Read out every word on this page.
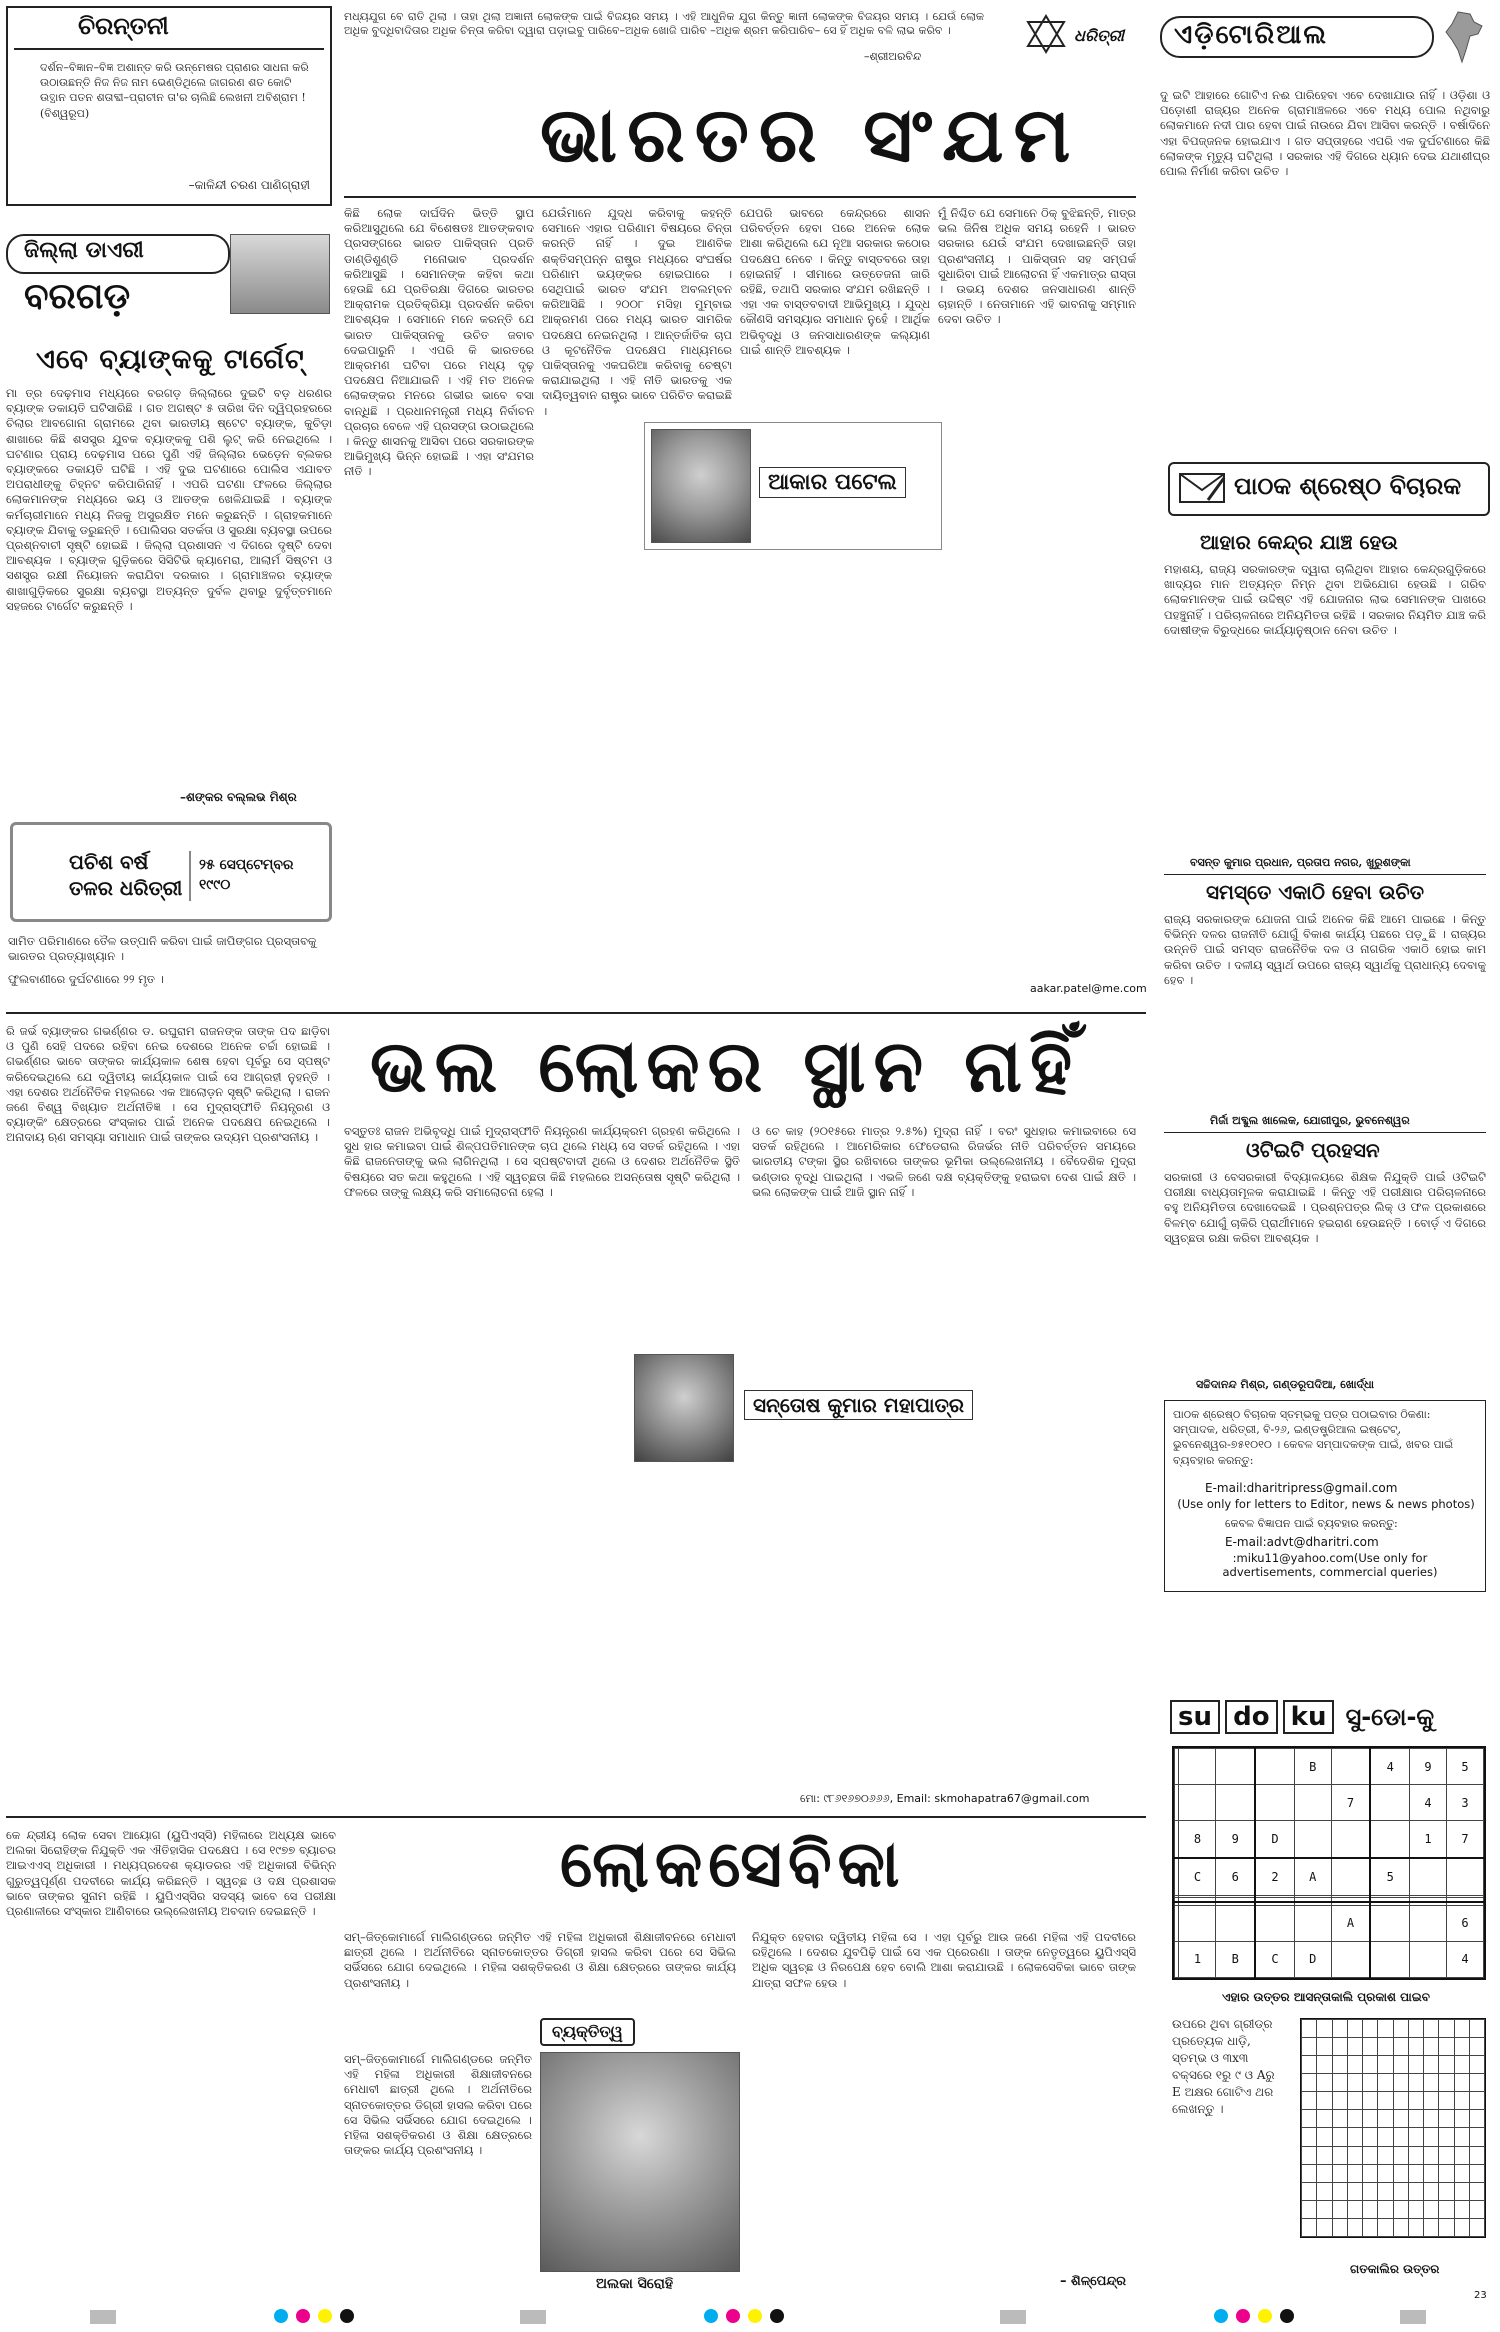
ଚିରନ୍ତନୀ
ଦର୍ଶନ–ବିଜ୍ଞାନ–ବିଜ୍ଞ ଅଶାନ୍ତ କରି ଉନ୍ମେଷର ପ୍ରାଣର ସାଧନା କରି ଉଠାଉଛନ୍ତି ନିଜ ନିଜ ନାମ ଭେଣ୍ଡିଥିଲେ ଜାଗରଣ ଶତ କୋଟି ଉତ୍ଥାନ ପତନ ଶତାବ୍ଦୀ–ପ୍ରାଚୀନ ତା'ର ଚାଲିଛି ଲେଖନୀ ଅବିଶ୍ରାମ ! (ବିଶ୍ୱରୂପ)
–କାଳିନ୍ଦୀ ଚରଣ ପାଣିଗ୍ରାହୀ
ମଧ୍ୟଯୁଗ ବେ ରାତି ଥିଲା । ତାହା ଥିଲା ଅଜ୍ଞାନୀ ଲୋକଙ୍କ ପାଇଁ ବିଜୟର ସମୟ । ଏହି ଆଧୁନିକ ଯୁଗ କିନ୍ତୁ ଜ୍ଞାନୀ ଲୋକଙ୍କ ବିଜୟର ସମୟ । ଯେଉଁ ଲୋକ ଅଧିକ ବୁଦ୍ଧିବାଦିତାର ଅଧିକ ଚିନ୍ତା କରିବା ଦ୍ୱାରା ପଡ଼ାଇବୁ ପାରିବେ–ଅଧିକ ଖୋଜି ପାରିବ –ଅଧିକ ଶ୍ରମ କରିପାରିବ– ସେ ହିଁ ଅଧିକ ବଳି ଲାଭ କରିବ ।
–ଶ୍ରୀଅରବିନ୍ଦ
ଧରିତ୍ରୀ ଏଡ଼ିଟୋରିଆଲ
ଜିଲ୍ଲା ଡାଏରୀ
ବରଗଡ଼
ଏବେ ବ୍ୟାଙ୍କକୁ ଟାର୍ଗେଟ୍‌
ମା ତ୍ର ଦେଢ଼ମାସ ମଧ୍ୟରେ ବରଗଡ଼ ଜିଲ୍ଲାରେ ଦୁଇଟି ବଡ଼ ଧରଣର ବ୍ୟାଙ୍କ ଡକାୟତି ଘଟିସାରିଛି । ଗତ ଅଗଷ୍ଟ ୫ ତାରିଖ ଦିନ ଦ୍ୱିପ୍ରହରରେ ଚିଲାର ଆବଗୋନା ଗ୍ରାମରେ ଥିବା ଭାରତୀୟ ଷ୍ଟେଟ ବ୍ୟାଙ୍କ, କୁଚିଡ଼ା ଶାଖାରେ କିଛି ଶସସ୍ତ୍ର ଯୁବକ ବ୍ୟାଙ୍କକୁ ପଶି ଲୁଟ୍ କରି ନେଇଥିଲେ । ଘଟଣାର ପ୍ରାୟ ଦେଢ଼ମାସ ପରେ ପୁଣି ଏହି ଜିଲ୍ଲାର ଭେଡ଼େନ ବ୍ଲକର ବ୍ୟାଙ୍କରେ ଡକାୟତି ଘଟିଛି । ଏହି ଦୁଇ ଘଟଣାରେ ପୋଲିସ ଏଯାବତ ଅପରାଧୀଙ୍କୁ ଚିହ୍ନଟ କରିପାରିନାହିଁ । ଏପରି ଘଟଣା ଫଳରେ ଜିଲ୍ଲାର ଲୋକମାନଙ୍କ ମଧ୍ୟରେ ଭୟ ଓ ଆତଙ୍କ ଖେଳିଯାଇଛି । ବ୍ୟାଙ୍କ କର୍ମଚାରୀମାନେ ମଧ୍ୟ ନିଜକୁ ଅସୁରକ୍ଷିତ ମନେ କରୁଛନ୍ତି । ଗ୍ରାହକମାନେ ବ୍ୟାଙ୍କ ଯିବାକୁ ଡରୁଛନ୍ତି । ପୋଲିସର ସତର୍କତା ଓ ସୁରକ୍ଷା ବ୍ୟବସ୍ଥା ଉପରେ ପ୍ରଶ୍ନବାଚୀ ସୃଷ୍ଟି ହୋଇଛି । ଜିଲ୍ଲା ପ୍ରଶାସନ ଏ ଦିଗରେ ଦୃଷ୍ଟି ଦେବା ଆବଶ୍ୟକ । ବ୍ୟାଙ୍କ ଗୁଡ଼ିକରେ ସିସିଟିଭି କ୍ୟାମେରା, ଆଲାର୍ମ ସିଷ୍ଟମ ଓ ସଶସ୍ତ୍ର ରକ୍ଷୀ ନିୟୋଜନ କରାଯିବା ଦରକାର । ଗ୍ରାମାଞ୍ଚଳର ବ୍ୟାଙ୍କ ଶାଖାଗୁଡ଼ିକରେ ସୁରକ୍ଷା ବ୍ୟବସ୍ଥା ଅତ୍ୟନ୍ତ ଦୁର୍ବଳ ଥିବାରୁ ଦୁର୍ବୃତ୍ତମାନେ ସହଜରେ ଟାର୍ଗେଟ କରୁଛନ୍ତି ।
–ଶଙ୍କର ବଲ୍ଲଭ ମିଶ୍ର
ପଚିଶ ବର୍ଷ ତଳର ଧରିତ୍ରୀ
୨୫ ସେପ୍ଟେମ୍ବର ୧୯୯୦
ସାମିତ ପରିମାଣରେ ତୈଳ ଉତ୍ପାନି କରିବା ପାଇଁ ଜାପିଙ୍ଗର ପ୍ରସ୍ତାବକୁ ଭାରତର ପ୍ରତ୍ୟାଖ୍ୟାନ ।
ଫୁଲବାଣୀରେ ଦୁର୍ଘଟଣାରେ ୨୨ ମୃତ ।
ଭାରତର ସଂଯମ
କିଛି ଲୋକ ଦାର୍ଘଦିନ ଭିତ୍ତି ସ୍ଥାପ କରିଆସୁଥିଲେ ଯେ ବିଶେଷତଃ ଆତଙ୍କବାଦ ପ୍ରସଙ୍ଗରେ ଭାରତ ପାକିସ୍ତାନ ପ୍ରତି ଡାଣ୍ଡିଶୁଣ୍ଡି ମନୋଭାବ ପ୍ରଦର୍ଶନ କରିଆସୁଛି । ସେମାନଙ୍କ କହିବା କଥା ହେଉଛି ଯେ ପ୍ରତିରକ୍ଷା ଦିଗରେ ଭାରତର ଆକ୍ରାମକ ପ୍ରତିକ୍ରିୟା ପ୍ରଦର୍ଶନ କରିବା ଆବଶ୍ୟକ । ସେମାନେ ମନେ କରନ୍ତି ଯେ ଭାରତ ପାକିସ୍ତାନକୁ ଉଚିତ ଜବାବ ଦେଇପାରୁନି । ଏପରି କି ଭାରତରେ ଆକ୍ରମଣ ଘଟିବା ପରେ ମଧ୍ୟ ଦୃଢ଼ ପଦକ୍ଷେପ ନିଆଯାଇନି । ଏହି ମତ ଅନେକ ଲୋକଙ୍କର ମନରେ ଗଭୀର ଭାବେ ବସା ବାନ୍ଧିଛି । ପ୍ରଧାନମନ୍ତ୍ରୀ ମଧ୍ୟ ନିର୍ବାଚନ ପ୍ରଚାର ବେଳେ ଏହି ପ୍ରସଙ୍ଗ ଉଠାଇଥିଲେ । କିନ୍ତୁ ଶାସନକୁ ଆସିବା ପରେ ସରକାରଙ୍କ ଆଭିମୁଖ୍ୟ ଭିନ୍ନ ହୋଇଛି । ଏହା ସଂଯମର ନୀତି ।
ଯେଉଁମାନେ ଯୁଦ୍ଧ କରିବାକୁ କହନ୍ତି ସେମାନେ ଏହାର ପରିଣାମ ବିଷୟରେ ଚିନ୍ତା କରନ୍ତି ନାହିଁ । ଦୁଇ ଆଣବିକ ଶକ୍ତିସମ୍ପନ୍ନ ରାଷ୍ଟ୍ର ମଧ୍ୟରେ ସଂଘର୍ଷର ପରିଣାମ ଭୟଙ୍କର ହୋଇପାରେ । ସେଥିପାଇଁ ଭାରତ ସଂଯମ ଅବଲମ୍ବନ କରିଆସିଛି । ୨୦୦୮ ମସିହା ମୁମ୍ବାଇ ଆକ୍ରମଣ ପରେ ମଧ୍ୟ ଭାରତ ସାମରିକ ପଦକ୍ଷେପ ନେଇନଥିଲା । ଆନ୍ତର୍ଜାତିକ ଚାପ ଓ କୂଟନୈତିକ ପଦକ୍ଷେପ ମାଧ୍ୟମରେ ପାକିସ୍ତାନକୁ ଏକଘରିଆ କରିବାକୁ ଚେଷ୍ଟା କରାଯାଇଥିଲା । ଏହି ନୀତି ଭାରତକୁ ଏକ ଦାୟିତ୍ୱବାନ ରାଷ୍ଟ୍ର ଭାବେ ପରିଚିତ କରାଇଛି ।
ଯେପରି ଭାବରେ କେନ୍ଦ୍ରରେ ଶାସନ ପରିବର୍ତ୍ତନ ହେବା ପରେ ଅନେକ ଲୋକ ଆଶା କରିଥିଲେ ଯେ ନୂଆ ସରକାର କଠୋର ପଦକ୍ଷେପ ନେବେ । କିନ୍ତୁ ବାସ୍ତବରେ ତାହା ହୋଇନାହିଁ । ସୀମାରେ ଉତ୍ତେଜନା ଜାରି ରହିଛି, ତଥାପି ସରକାର ସଂଯମ ରଖିଛନ୍ତି । ଏହା ଏକ ବାସ୍ତବବାଦୀ ଆଭିମୁଖ୍ୟ । ଯୁଦ୍ଧ କୌଣସି ସମସ୍ୟାର ସମାଧାନ ନୁହେଁ । ଆର୍ଥିକ ଅଭିବୃଦ୍ଧି ଓ ଜନସାଧାରଣଙ୍କ କଲ୍ୟାଣ ପାଇଁ ଶାନ୍ତି ଆବଶ୍ୟକ ।
ମୁଁ ନିଶ୍ଚିତ ଯେ ସେମାନେ ଠିକ୍ ବୁଝିଛନ୍ତି, ମାତ୍ର ଭଲ ଜିନିଷ ଅଧିକ ସମୟ ରହେନି । ଭାରତ ସରକାର ଯେଉଁ ସଂଯମ ଦେଖାଇଛନ୍ତି ତାହା ପ୍ରଶଂସନୀୟ । ପାକିସ୍ତାନ ସହ ସମ୍ପର୍କ ସୁଧାରିବା ପାଇଁ ଆଲୋଚନା ହିଁ ଏକମାତ୍ର ରାସ୍ତା । ଉଭୟ ଦେଶର ଜନସାଧାରଣ ଶାନ୍ତି ଚାହାନ୍ତି । ନେତାମାନେ ଏହି ଭାବନାକୁ ସମ୍ମାନ ଦେବା ଉଚିତ ।
ଆକାର ପଟେଲ
aakar.patel@me.com
ଦୁ ଇଟି ଆହାରେ ଗୋଟିଏ ନଈ ପାରିହେବା ଏବେ ଦେଖାଯାଉ ନାହିଁ । ଓଡ଼ିଶା ଓ ପଡ଼ୋଶୀ ରାଜ୍ୟର ଅନେକ ଗ୍ରାମାଞ୍ଚଳରେ ଏବେ ମଧ୍ୟ ପୋଲ ନଥିବାରୁ ଲୋକମାନେ ନଦୀ ପାର ହେବା ପାଇଁ ନାଉରେ ଯିବା ଆସିବା କରନ୍ତି । ବର୍ଷାଦିନେ ଏହା ବିପଜ୍ଜନକ ହୋଇଯାଏ । ଗତ ସପ୍ତାହରେ ଏପରି ଏକ ଦୁର୍ଘଟଣାରେ କିଛି ଲୋକଙ୍କ ମୃତ୍ୟୁ ଘଟିଥିଲା । ସରକାର ଏହି ଦିଗରେ ଧ୍ୟାନ ଦେଇ ଯଥାଶୀଘ୍ର ପୋଲ ନିର୍ମାଣ କରିବା ଉଚିତ ।
ପାଠକ ଶ୍ରେଷ୍ଠ ବିଚାରକ
ଆହାର କେନ୍ଦ୍ର ଯାଞ୍ଚ ହେଉ
ମହାଶୟ, ରାଜ୍ୟ ସରକାରଙ୍କ ଦ୍ୱାରା ଚାଲିଥିବା ଆହାର କେନ୍ଦ୍ରଗୁଡ଼ିକରେ ଖାଦ୍ୟର ମାନ ଅତ୍ୟନ୍ତ ନିମ୍ନ ଥିବା ଅଭିଯୋଗ ହେଉଛି । ଗରିବ ଲୋକମାନଙ୍କ ପାଇଁ ଉଦ୍ଦିଷ୍ଟ ଏହି ଯୋଜନାର ଲାଭ ସେମାନଙ୍କ ପାଖରେ ପହଞ୍ଚୁନାହିଁ । ପରିଚାଳନାରେ ଅନିୟମିତତା ରହିଛି । ସରକାର ନିୟମିତ ଯାଞ୍ଚ କରି ଦୋଷୀଙ୍କ ବିରୁଦ୍ଧରେ କାର୍ଯ୍ୟାନୁଷ୍ଠାନ ନେବା ଉଚିତ ।
ବସନ୍ତ କୁମାର ପ୍ରଧାନ, ପ୍ରତାପ ନଗର, ଖୁରୁଶଙ୍କା
ସମସ୍ତେ ଏକାଠି ହେବା ଉଚିତ
ରାଜ୍ୟ ସରକାରଙ୍କ ଯୋଜନା ପାଇଁ ଅନେକ କିଛି ଆମେ ପାଇଛେ । କିନ୍ତୁ ବିଭିନ୍ନ ଦଳର ରାଜନୀତି ଯୋଗୁଁ ବିକାଶ କାର୍ଯ୍ୟ ପଛରେ ପଡ଼ୁଛି । ରାଜ୍ୟର ଉନ୍ନତି ପାଇଁ ସମସ୍ତ ରାଜନୈତିକ ଦଳ ଓ ନାଗରିକ ଏକାଠି ହୋଇ କାମ କରିବା ଉଚିତ । ଦଳୀୟ ସ୍ୱାର୍ଥ ଉପରେ ରାଜ୍ୟ ସ୍ୱାର୍ଥକୁ ପ୍ରାଧାନ୍ୟ ଦେବାକୁ ହେବ ।
ମିର୍ଜା ଅବ୍ଦୁଲ ଖାଲେକ, ଯୋଗୀପୁର, ଭୁବନେଶ୍ୱର
ଓଟିଇଟି ପ୍ରହସନ
ସରକାରୀ ଓ ବେସରକାରୀ ବିଦ୍ୟାଳୟରେ ଶିକ୍ଷକ ନିଯୁକ୍ତି ପାଇଁ ଓଟିଇଟି ପରୀକ୍ଷା ବାଧ୍ୟତାମୂଳକ କରାଯାଇଛି । କିନ୍ତୁ ଏହି ପରୀକ୍ଷାର ପରିଚାଳନାରେ ବହୁ ଅନିୟମିତତା ଦେଖାଦେଇଛି । ପ୍ରଶ୍ନପତ୍ର ଲିକ୍ ଓ ଫଳ ପ୍ରକାଶରେ ବିଳମ୍ବ ଯୋଗୁଁ ଚାକିରି ପ୍ରାର୍ଥୀମାନେ ହଇରାଣ ହେଉଛନ୍ତି । ବୋର୍ଡ଼ ଏ ଦିଗରେ ସ୍ୱଚ୍ଛତା ରକ୍ଷା କରିବା ଆବଶ୍ୟକ ।
ସଚ୍ଚିଦାନନ୍ଦ ମିଶ୍ର, ଗଣ୍ଡରୂପଦିଆ, ଖୋର୍ଦ୍ଧା
ପାଠକ ଶ୍ରେଷ୍ଠ ବିଚାରକ ସ୍ତମ୍ଭକୁ ପତ୍ର ପଠାଇବାର ଠିକଣା: ସମ୍ପାଦକ, ଧରିତ୍ରୀ, ବି-୨୬, ଇଣ୍ଡଷ୍ଟ୍ରିଆଲ ଇଷ୍ଟେଟ୍‌, ଭୁବନେଶ୍ୱର-୭୫୧୦୧୦ । କେବଳ ସମ୍ପାଦକଙ୍କ ପାଇଁ, ଖବର ପାଇଁ ବ୍ୟବହାର କରନ୍ତୁ:
E-mail:dharitripress@gmail.com
(Use only for letters to Editor, news & news photos)
କେବଳ ବିଜ୍ଞାପନ ପାଇଁ ବ୍ୟବହାର କରନ୍ତୁ:
E-mail:advt@dharitri.com
:miku11@yahoo.com(Use only for advertisements, commercial queries)
ରି ଜର୍ଭ ବ୍ୟାଙ୍କର ଗଭର୍ଣ୍ଣର ଡ. ରଘୁରାମ ରାଜନଙ୍କ ତାଙ୍କ ପଦ ଛାଡ଼ିବା ଓ ପୁଣି ସେହି ପଦରେ ରହିବା ନେଇ ଦେଶରେ ଅନେକ ଚର୍ଚ୍ଚା ହୋଇଛି । ଗଭର୍ଣ୍ଣର ଭାବେ ତାଙ୍କର କାର୍ଯ୍ୟକାଳ ଶେଷ ହେବା ପୂର୍ବରୁ ସେ ସ୍ପଷ୍ଟ କରିଦେଇଥିଲେ ଯେ ଦ୍ୱିତୀୟ କାର୍ଯ୍ୟକାଳ ପାଇଁ ସେ ଆଗ୍ରହୀ ନୁହନ୍ତି । ଏହା ଦେଶର ଅର୍ଥନୈତିକ ମହଲରେ ଏକ ଆଲୋଡ଼ନ ସୃଷ୍ଟି କରିଥିଲା । ରାଜନ ଜଣେ ବିଶ୍ୱ ବିଖ୍ୟାତ ଅର୍ଥନୀତିଜ୍ଞ । ସେ ମୁଦ୍ରାସ୍ଫୀତି ନିୟନ୍ତ୍ରଣ ଓ ବ୍ୟାଙ୍କିଂ କ୍ଷେତ୍ରରେ ସଂସ୍କାର ପାଇଁ ଅନେକ ପଦକ୍ଷେପ ନେଇଥିଲେ । ଅନାଦାୟ ଋଣ ସମସ୍ୟା ସମାଧାନ ପାଇଁ ତାଙ୍କର ଉଦ୍ୟମ ପ୍ରଶଂସନୀୟ ।
ଭଲ ଲୋକର ସ୍ଥାନ ନାହିଁ
ବସ୍ତୁତଃ ରାଜନ ଅଭିବୃଦ୍ଧି ପାଇଁ ମୁଦ୍ରାସ୍ଫୀତି ନିୟନ୍ତ୍ରଣ କାର୍ଯ୍ୟକ୍ରମ ଗ୍ରହଣ କରିଥିଲେ । ସୁଧ ହାର କମାଇବା ପାଇଁ ଶିଳ୍ପପତିମାନଙ୍କ ଚାପ ଥିଲେ ମଧ୍ୟ ସେ ସତର୍କ ରହିଥିଲେ । ଏହା କିଛି ରାଜନେତାଙ୍କୁ ଭଲ ଲାଗିନଥିଲା । ସେ ସ୍ପଷ୍ଟବାଦୀ ଥିଲେ ଓ ଦେଶର ଅର୍ଥନୈତିକ ସ୍ଥିତି ବିଷୟରେ ସତ କଥା କହୁଥିଲେ । ଏହି ସ୍ୱଚ୍ଛତା କିଛି ମହଲରେ ଅସନ୍ତୋଷ ସୃଷ୍ଟି କରିଥିଲା । ଫଳରେ ତାଙ୍କୁ ଲକ୍ଷ୍ୟ କରି ସମାଲୋଚନା ହେଲା ।
ଓ ଚେ କାହ (୨୦୧୫ରେ ମାତ୍ର ୨.୫%) ମୁଦ୍ରା ନାହିଁ । ବରଂ ସୁଧହାର କମାଇବାରେ ସେ ସତର୍କ ରହିଥିଲେ । ଆମେରିକାର ଫେଡେରାଲ ରିଜର୍ଭର ନୀତି ପରିବର୍ତ୍ତନ ସମୟରେ ଭାରତୀୟ ଟଙ୍କା ସ୍ଥିର ରଖିବାରେ ତାଙ୍କର ଭୂମିକା ଉଲ୍ଲେଖନୀୟ । ବୈଦେଶିକ ମୁଦ୍ରା ଭଣ୍ଡାର ବୃଦ୍ଧି ପାଇଥିଲା । ଏଭଳି ଜଣେ ଦକ୍ଷ ବ୍ୟକ୍ତିଙ୍କୁ ହରାଇବା ଦେଶ ପାଇଁ କ୍ଷତି । ଭଲ ଲୋକଙ୍କ ପାଇଁ ଆଜି ସ୍ଥାନ ନାହିଁ ।
ସନ୍ତୋଷ କୁମାର ମହାପାତ୍ର
ମୋ: ୯୮୬୧୬୭୦୬୬୬, Email: skmohapatra67@gmail.com
su do ku ସୁ-ଡୋ-କୁ
				B		4	9	5
					7		4	3
	8	9	D				1	7
	C	6	2	A		5		

					A			6
	1	B	C	D				4
ଏହାର ଉତ୍ତର ଆସନ୍ତାକାଲି ପ୍ରକାଶ ପାଇବ
ଉପରେ ଥିବା ଗ୍ରୀଡ୍‌ର ପ୍ରତ୍ୟେକ ଧାଡ଼ି, ସ୍ତମ୍ଭ ଓ ୩x୩ ବକ୍ସରେ ୧ରୁ ୯ ଓ Aରୁ E ଅକ୍ଷର ଗୋଟିଏ ଥର ଲେଖନ୍ତୁ ।

ଗତକାଲିର ଉତ୍ତର
କେ ନ୍ଦ୍ରୀୟ ଲୋକ ସେବା ଆୟୋଗ (ୟୁପିଏସ୍‌ସି) ମହିଳାରେ ଅଧ୍ୟକ୍ଷ ଭାବେ ଅଲକା ସିରୋହିଙ୍କ ନିଯୁକ୍ତି ଏକ ଐତିହାସିକ ପଦକ୍ଷେପ । ସେ ୧୯୭୭ ବ୍ୟାଚର ଆଇଏଏସ୍ ଅଧିକାରୀ । ମଧ୍ୟପ୍ରଦେଶ କ୍ୟାଡରର ଏହି ଅଧିକାରୀ ବିଭିନ୍ନ ଗୁରୁତ୍ୱପୂର୍ଣ୍ଣ ପଦବୀରେ କାର୍ଯ୍ୟ କରିଛନ୍ତି । ସ୍ୱଚ୍ଛ ଓ ଦକ୍ଷ ପ୍ରଶାସକ ଭାବେ ତାଙ୍କର ସୁନାମ ରହିଛି । ୟୁପିଏସ୍‌ସିର ସଦସ୍ୟ ଭାବେ ସେ ପରୀକ୍ଷା ପ୍ରଣାଳୀରେ ସଂସ୍କାର ଆଣିବାରେ ଉଲ୍ଲେଖନୀୟ ଅବଦାନ ଦେଇଛନ୍ତି ।
ଲୋକସେବିକା
ସମ୍‌–ଜିତ୍‌କୋମାର୍ଗେ ମାଲିଗଣ୍ଡରେ ଜନ୍ମିତ ଏହି ମହିଳା ଅଧିକାରୀ ଶିକ୍ଷାଜୀବନରେ ମେଧାବୀ ଛାତ୍ରୀ ଥିଲେ । ଅର୍ଥନୀତିରେ ସ୍ନାତକୋତ୍ତର ଡିଗ୍ରୀ ହାସଲ କରିବା ପରେ ସେ ସିଭିଲ ସର୍ଭିସରେ ଯୋଗ ଦେଇଥିଲେ । ମହିଳା ସଶକ୍ତିକରଣ ଓ ଶିକ୍ଷା କ୍ଷେତ୍ରରେ ତାଙ୍କର କାର୍ଯ୍ୟ ପ୍ରଶଂସନୀୟ ।
ବ୍ୟକ୍ତିତ୍ୱ
ଅଲକା ସିରୋହି
ସମ୍‌–ଜିତ୍‌କୋମାର୍ଗେ ମାଲିଗଣ୍ଡରେ ଜନ୍ମିତ ଏହି ମହିଳା ଅଧିକାରୀ ଶିକ୍ଷାଜୀବନରେ ମେଧାବୀ ଛାତ୍ରୀ ଥିଲେ । ଅର୍ଥନୀତିରେ ସ୍ନାତକୋତ୍ତର ଡିଗ୍ରୀ ହାସଲ କରିବା ପରେ ସେ ସିଭିଲ ସର୍ଭିସରେ ଯୋଗ ଦେଇଥିଲେ । ମହିଳା ସଶକ୍ତିକରଣ ଓ ଶିକ୍ଷା କ୍ଷେତ୍ରରେ ତାଙ୍କର କାର୍ଯ୍ୟ ପ୍ରଶଂସନୀୟ ।
ନିଯୁକ୍ତ ହେବାର ଦ୍ୱିତୀୟ ମହିଳା ସେ । ଏହା ପୂର୍ବରୁ ଆଉ ଜଣେ ମହିଳା ଏହି ପଦବୀରେ ରହିଥିଲେ । ଦେଶର ଯୁବପିଢ଼ି ପାଇଁ ସେ ଏକ ପ୍ରେରଣା । ତାଙ୍କ ନେତୃତ୍ୱରେ ୟୁପିଏସ୍‌ସି ଅଧିକ ସ୍ୱଚ୍ଛ ଓ ନିରପେକ୍ଷ ହେବ ବୋଲି ଆଶା କରାଯାଉଛି । ଲୋକସେବିକା ଭାବେ ତାଙ୍କ ଯାତ୍ରା ସଫଳ ହେଉ ।
– ଶିଳ୍ପେନ୍ଦ୍ର
23
